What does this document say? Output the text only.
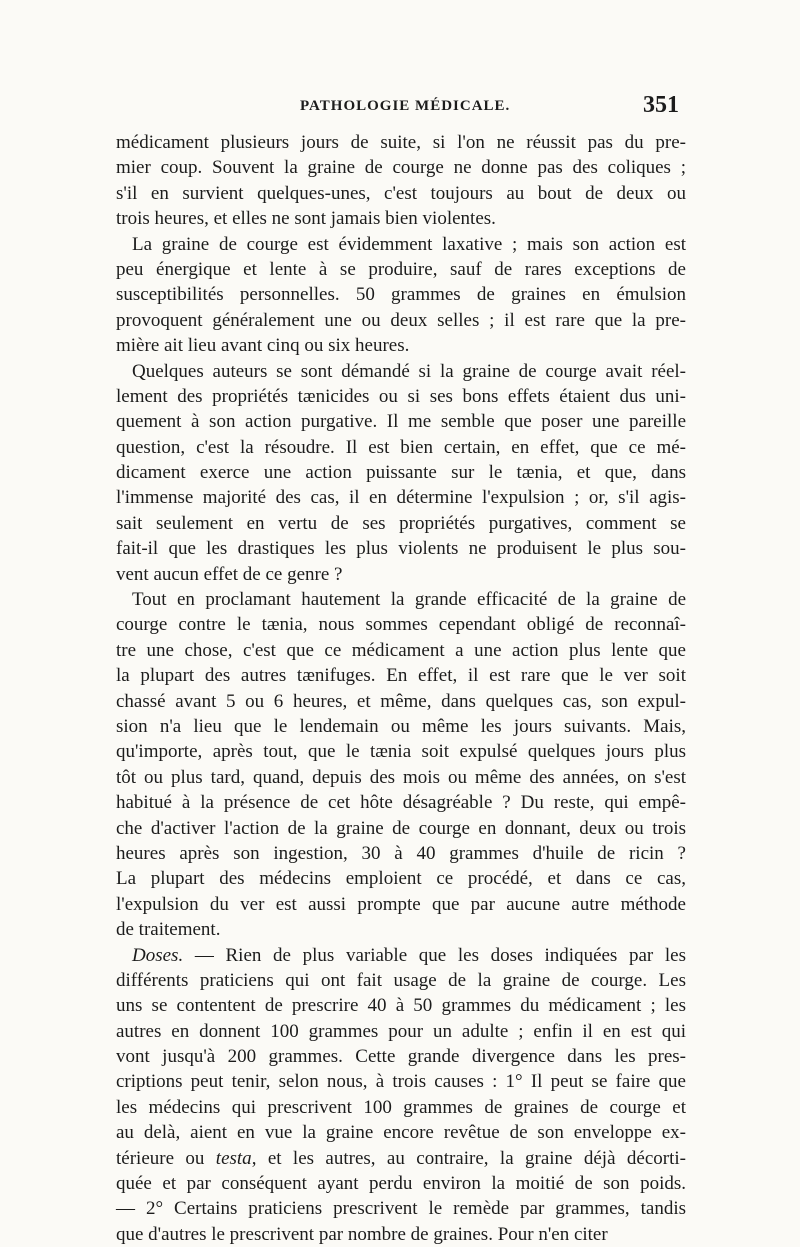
PATHOLOGIE MÉDICALE.	351
médicament plusieurs jours de suite, si l'on ne réussit pas du pre-
mier coup. Souvent la graine de courge ne donne pas des coliques ;
s'il en survient quelques-unes, c'est toujours au bout de deux ou
trois heures, et elles ne sont jamais bien violentes.
La graine de courge est évidemment laxative ; mais son action est
peu énergique et lente à se produire, sauf de rares exceptions de
susceptibilités personnelles. 50 grammes de graines en émulsion
provoquent généralement une ou deux selles ; il est rare que la pre-
mière ait lieu avant cinq ou six heures.
Quelques auteurs se sont démandé si la graine de courge avait réel-
lement des propriétés tænicides ou si ses bons effets étaient dus uni-
quement à son action purgative. Il me semble que poser une pareille
question, c'est la résoudre. Il est bien certain, en effet, que ce mé-
dicament exerce une action puissante sur le tænia, et que, dans
l'immense majorité des cas, il en détermine l'expulsion ; or, s'il agis-
sait seulement en vertu de ses propriétés purgatives, comment se
fait-il que les drastiques les plus violents ne produisent le plus sou-
vent aucun effet de ce genre ?
Tout en proclamant hautement la grande efficacité de la graine de
courge contre le tænia, nous sommes cependant obligé de reconnaî-
tre une chose, c'est que ce médicament a une action plus lente que
la plupart des autres tænifuges. En effet, il est rare que le ver soit
chassé avant 5 ou 6 heures, et même, dans quelques cas, son expul-
sion n'a lieu que le lendemain ou même les jours suivants. Mais,
qu'importe, après tout, que le tænia soit expulsé quelques jours plus
tôt ou plus tard, quand, depuis des mois ou même des années, on s'est
habitué à la présence de cet hôte désagréable ? Du reste, qui empê-
che d'activer l'action de la graine de courge en donnant, deux ou trois
heures après son ingestion, 30 à 40 grammes d'huile de ricin ?
La plupart des médecins emploient ce procédé, et dans ce cas,
l'expulsion du ver est aussi prompte que par aucune autre méthode
de traitement.
Doses. — Rien de plus variable que les doses indiquées par les
différents praticiens qui ont fait usage de la graine de courge. Les
uns se contentent de prescrire 40 à 50 grammes du médicament ; les
autres en donnent 100 grammes pour un adulte ; enfin il en est qui
vont jusqu'à 200 grammes. Cette grande divergence dans les pres-
criptions peut tenir, selon nous, à trois causes : 1° Il peut se faire que
les médecins qui prescrivent 100 grammes de graines de courge et
au delà, aient en vue la graine encore revêtue de son enveloppe ex-
térieure ou testa, et les autres, au contraire, la graine déjà décorti-
quée et par conséquent ayant perdu environ la moitié de son poids.
— 2° Certains praticiens prescrivent le remède par grammes, tandis
que d'autres le prescrivent par nombre de graines. Pour n'en citer
